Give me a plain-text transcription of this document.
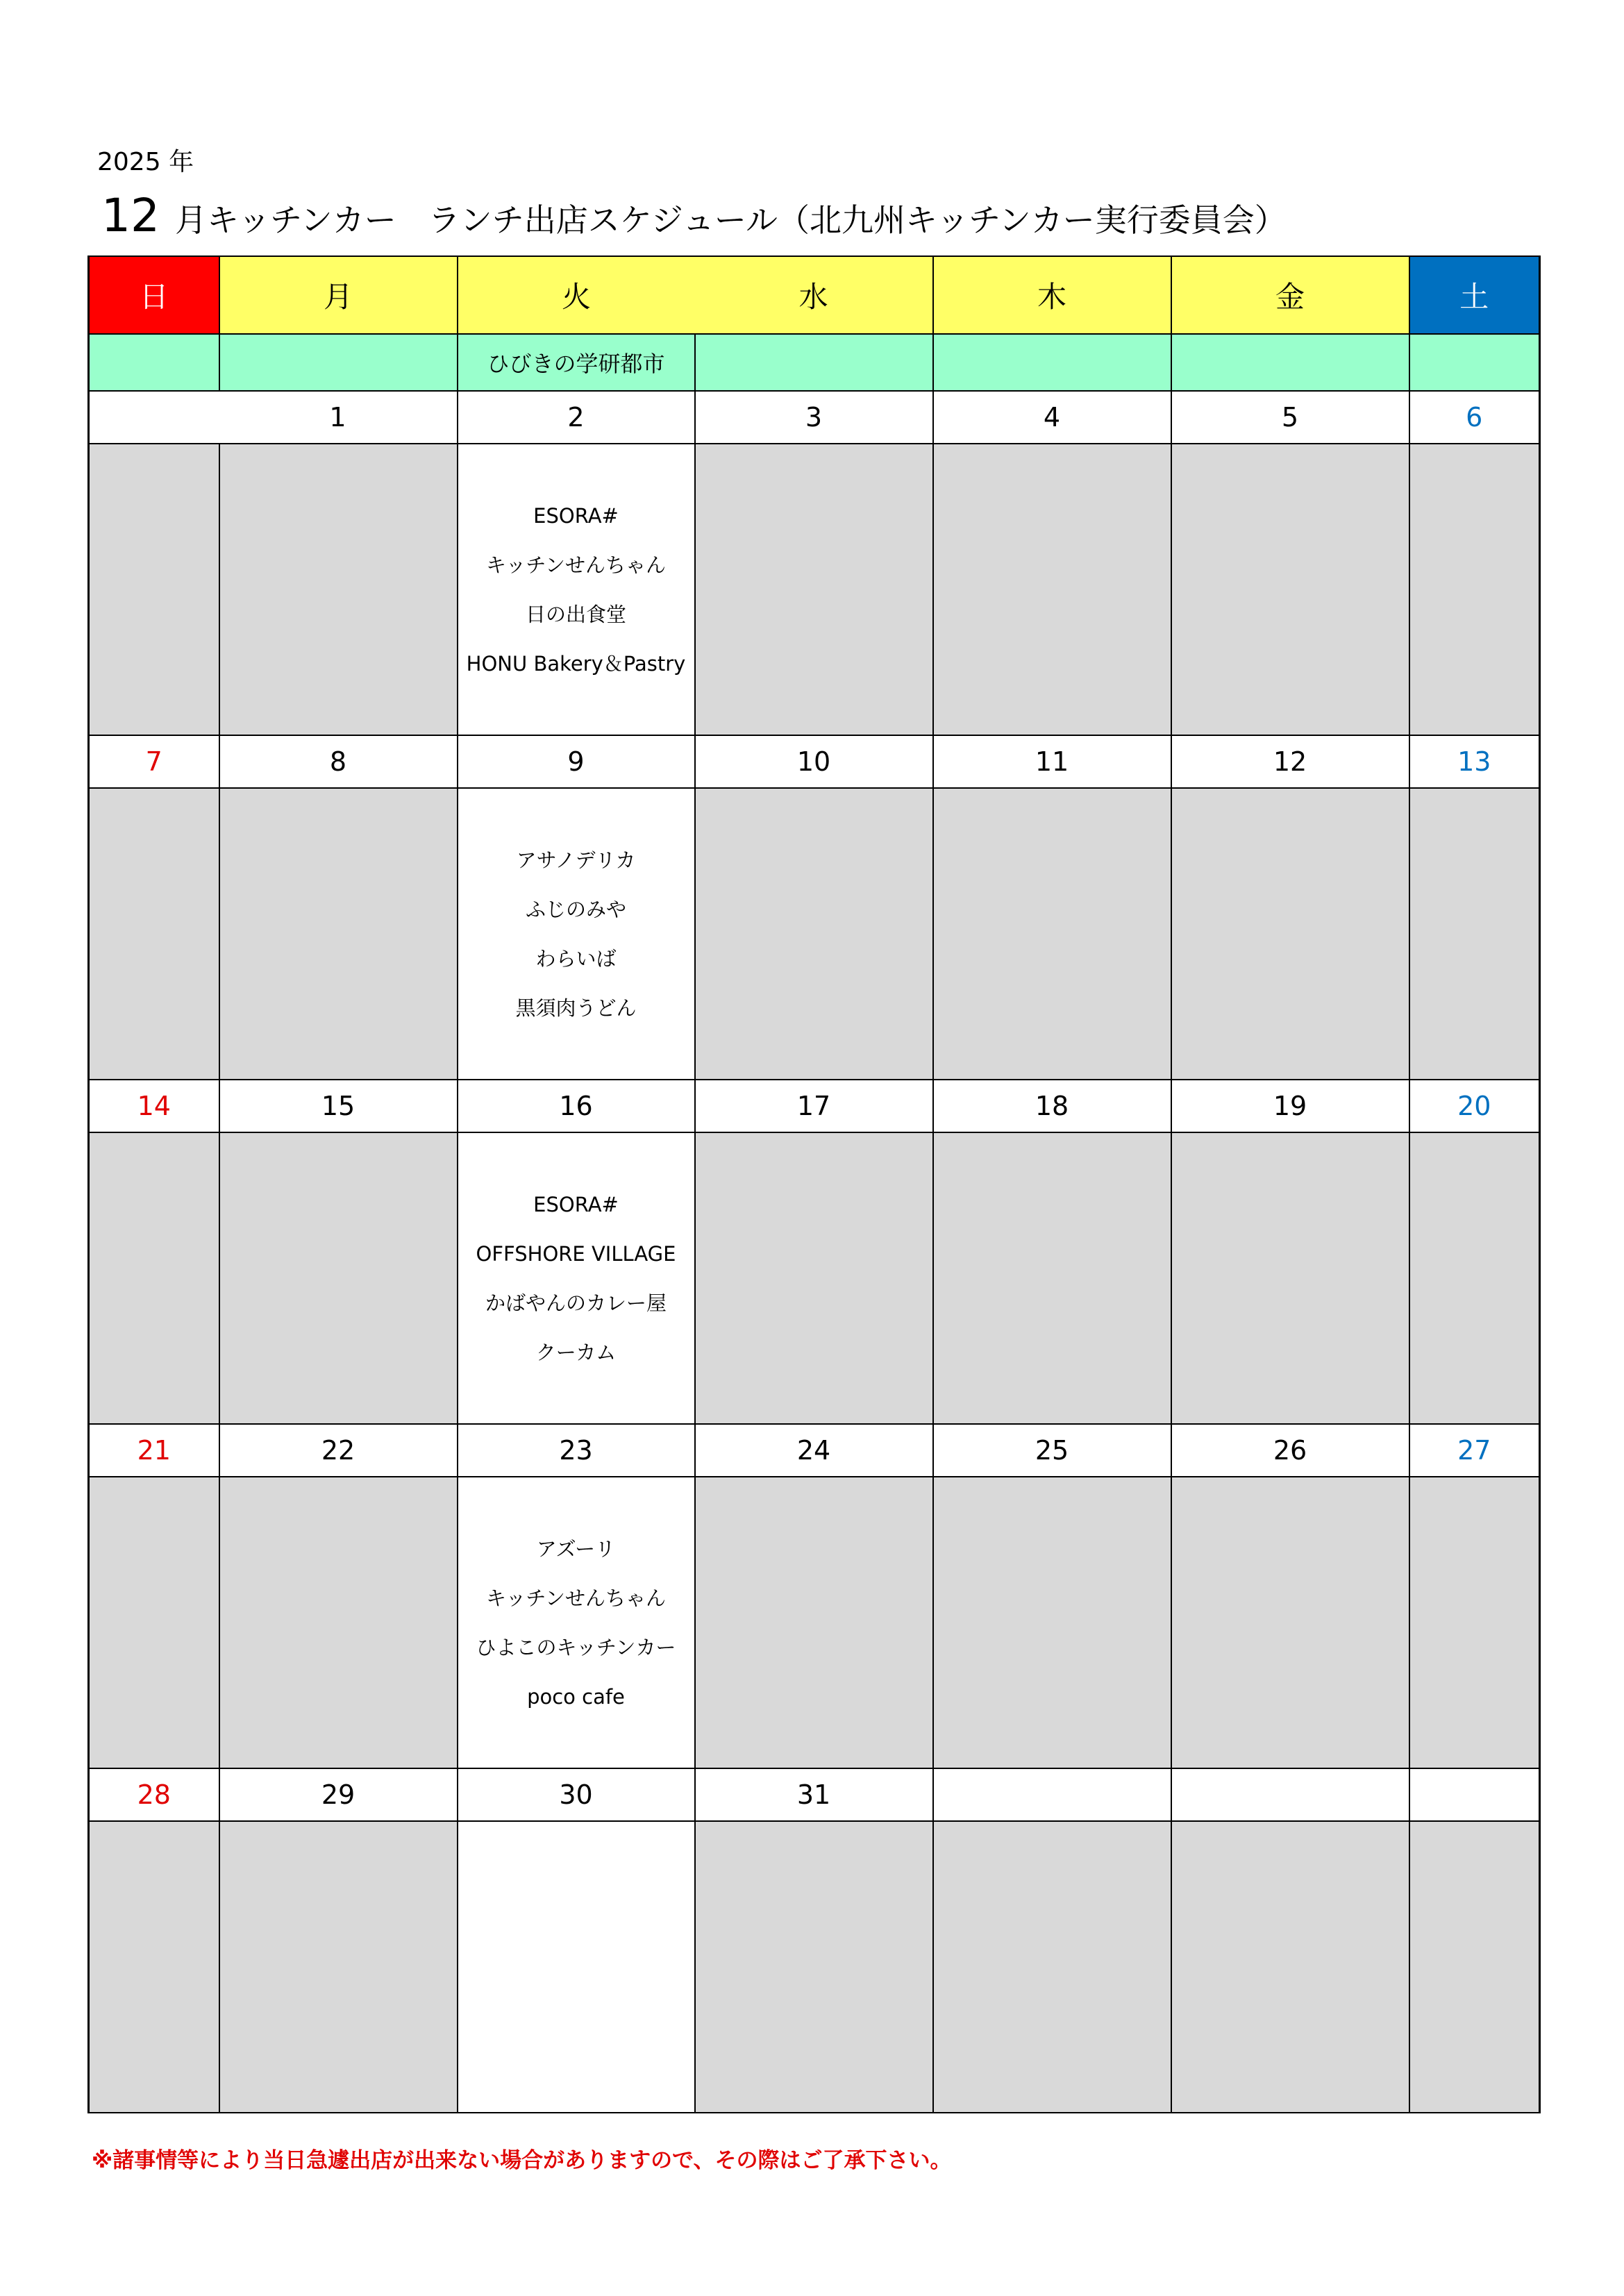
2025 年
12 月キッチンカー　ランチ出店スケジュール（北九州キッチンカー実行委員会）
日	月	火	水	木	金	土
		ひびきの学研都市				
	1	2	3	4	5	6

		ESORA#
キッチンせんちゃん
日の出食堂
HONU Bakery＆Pastry				

7	8	9	10	11	12	13

		アサノデリカ
ふじのみや
わらいば
黒須肉うどん				

14	15	16	17	18	19	20

		ESORA#
OFFSHORE VILLAGE
かばやんのカレー屋
クーカム				

21	22	23	24	25	26	27

		アズーリ
キッチンせんちゃん
ひよこのキッチンカー
poco cafe				

28	29	30	31			

※諸事情等により当日急遽出店が出来ない場合がありますので、その際はご了承下さい。
